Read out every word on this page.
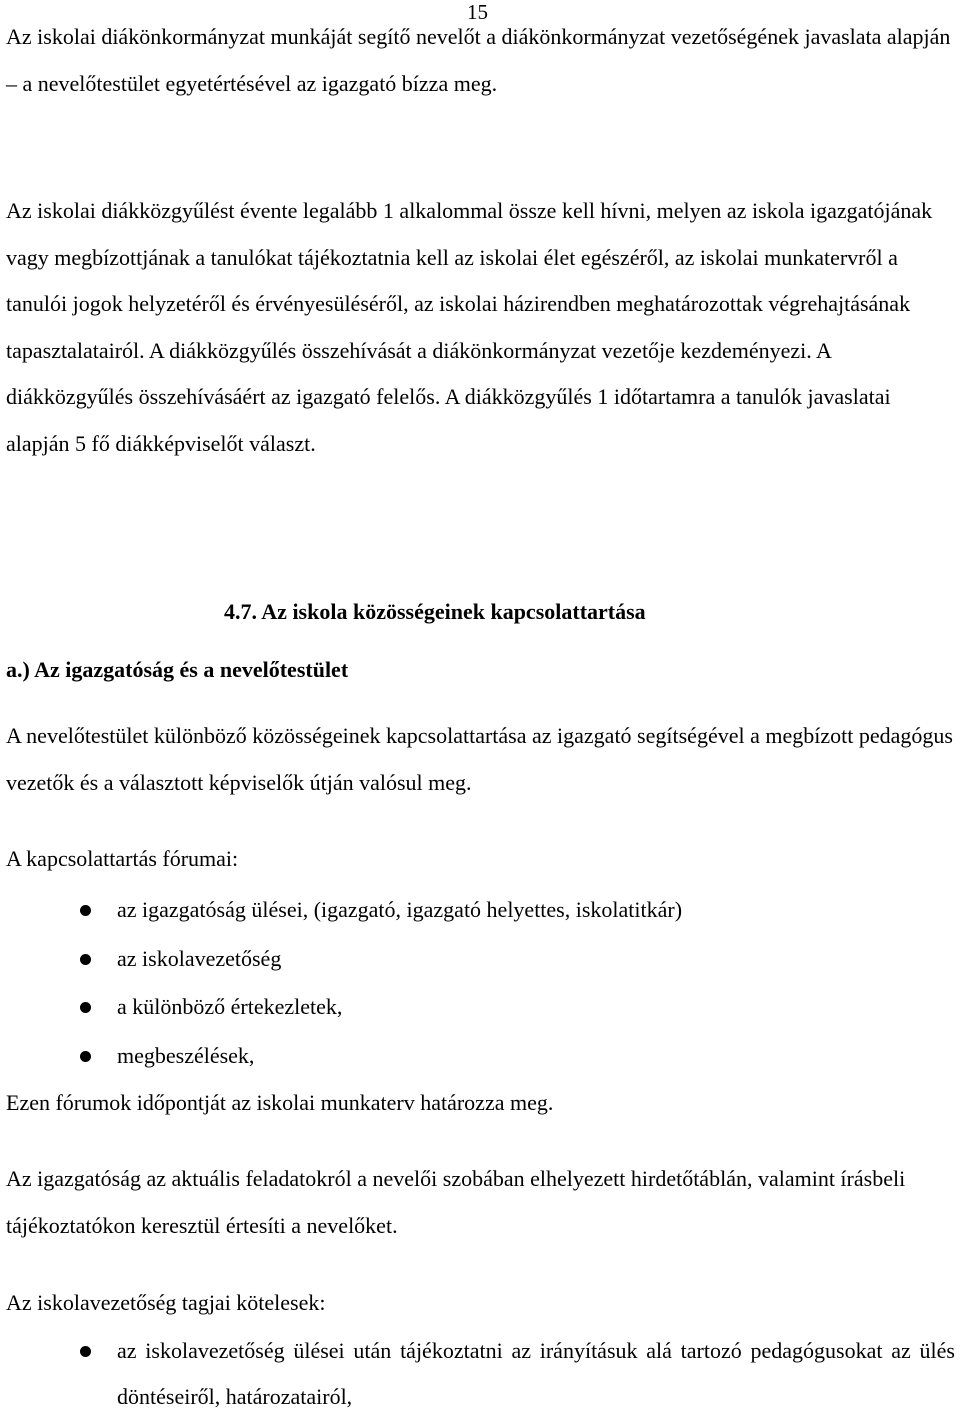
15

Az iskolai diákönkormányzat munkáját segítő nevelőt a diákönkormányzat vezetőségének javaslata alapján – a nevelőtestület egyetértésével az igazgató bízza meg.

Az iskolai diákközgyűlést évente legalább 1 alkalommal össze kell hívni, melyen az iskola igazgatójának vagy megbízottjának a tanulókat tájékoztatnia kell az iskolai élet egészéről, az iskolai munkatervről a tanulói jogok helyzetéről és érvényesüléséről, az iskolai házirendben meghatározottak végrehajtásának tapasztalatairól. A diákközgyűlés összehívását a diákönkormányzat vezetője kezdeményezi. A diákközgyűlés összehívásáért az igazgató felelős. A diákközgyűlés 1 időtartamra a tanulók javaslatai alapján 5 fő diákképviselőt választ.

4.7. Az iskola közösségeinek kapcsolattartása
a.) Az igazgatóság és a nevelőtestület

A nevelőtestület különböző közösségeinek kapcsolattartása az igazgató segítségével a megbízott pedagógus vezetők és a választott képviselők útján valósul meg.

A kapcsolattartás fórumai:

az igazgatóság ülései, (igazgató, igazgató helyettes, iskolatitkár)
az iskolavezetőség
a különböző értekezletek,
megbeszélések,

Ezen fórumok időpontját az iskolai munkaterv határozza meg.

Az igazgatóság az aktuális feladatokról a nevelői szobában elhelyezett hirdetőtáblán, valamint írásbeli tájékoztatókon keresztül értesíti a nevelőket.

Az iskolavezetőség tagjai kötelesek:

az iskolavezetőség ülései után tájékoztatni az irányításuk alá tartozó pedagógusokat az ülés döntéseiről, határozatairól,
